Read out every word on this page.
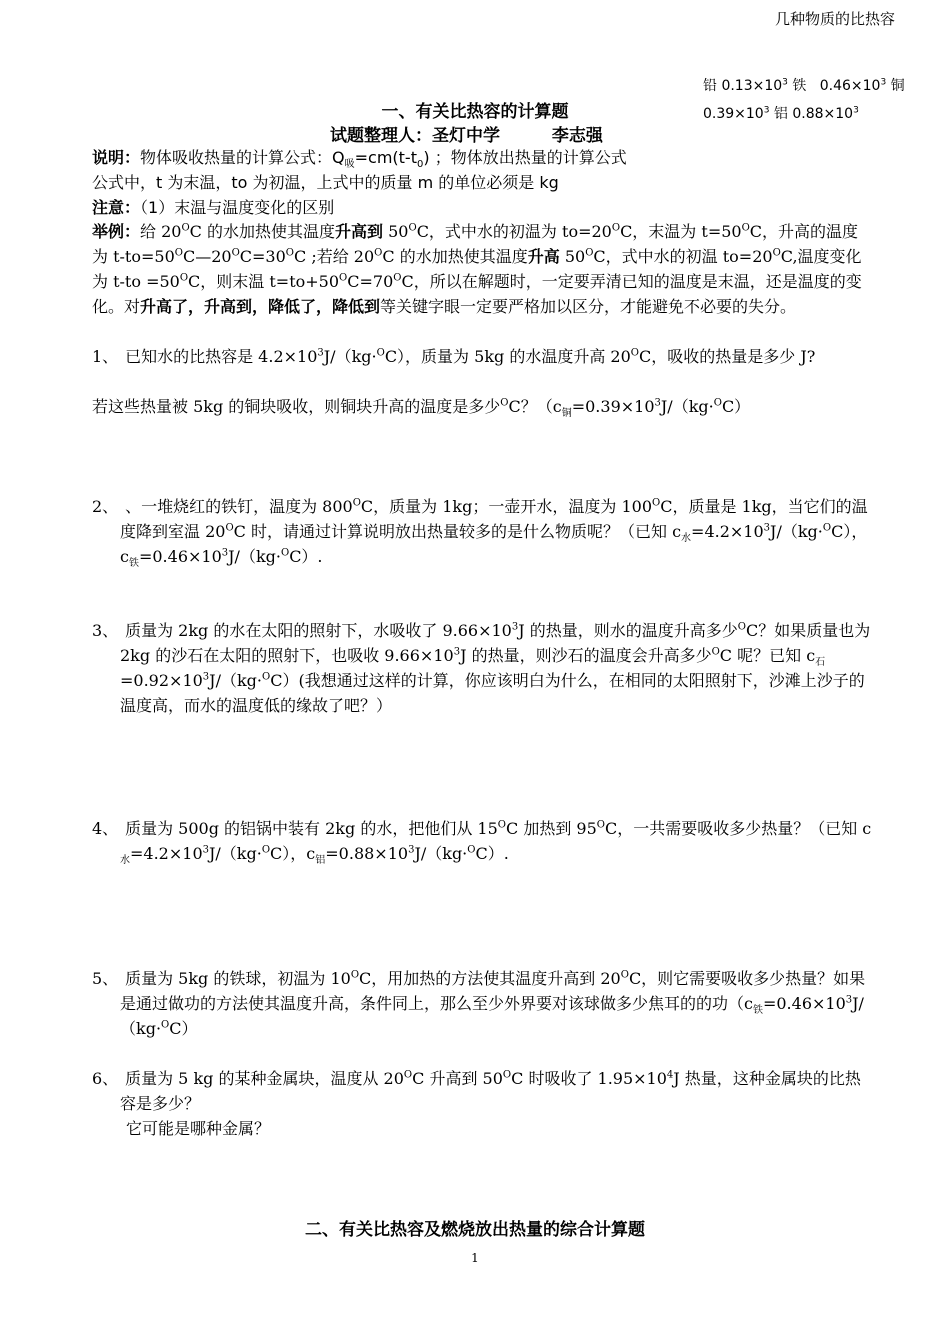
几种物质的比热容
铅 $0.13\times 10^3$ 铁 $0.46\times 10^3$ 铜
$0.39\times 10^3$ 铝 $0.88\times 10^3$
一、有关比热容的计算题
试题整理人：圣灯中学	李志强
说明：物体吸收热量的计算公式：$Q_吸=cm(t-t_0)$ ；物体放出热量的计算公式
公式中，t 为末温，to 为初温，上式中的质量 m 的单位必须是 kg
注意：（1）末温与温度变化的区别
举例：给 $20^OC$ 的水加热使其温度升高到 $50^OC$，式中水的初温为 $to=20^OC$，末温为 $t=50^OC$，升高的温度为 $t-to=50^OC—20^OC=30^OC$ ;若给 $20^OC$ 的水加热使其温度升高 $50^OC$，式中水的初温 $to=20^OC$,温度变化为 $t-to =50^OC$，则末温 $t=to+50^OC=70^OC$，所以在解题时，一定要弄清已知的温度是末温，还是温度的变化。对升高了，升高到，降低了，降低到等关键字眼一定要严格加以区分，才能避免不必要的失分。
1、 已知水的比热容是 $4.2\times 10^3J/(kg\cdot^OC)$，质量为 5kg 的水温度升高 $20^OC$，吸收的热量是多少 J?
若这些热量被 5kg 的铜块吸收，则铜块升高的温度是多少$^O$C？（$c_铜=0.39\times 10^3J/(kg\cdot^OC)$
2、 、一堆烧红的铁钉，温度为 $800^OC$，质量为 1kg；一壶开水，温度为 $100^OC$，质量是 1kg，当它们的温度降到室温 $20^OC$ 时，请通过计算说明放出热量较多的是什么物质呢？（已知 $c_水=4.2\times 10^3J/(kg\cdot^OC)$，$c_铁=0.46\times 10^3J/(kg\cdot^OC)$.
3、 质量为 2kg 的水在太阳的照射下，水吸收了 $9.66\times 10^3J$ 的热量，则水的温度升高多少$^O$C？如果质量也为 2kg 的沙石在太阳的照射下，也吸收 $9.66\times 10^3J$ 的热量，则沙石的温度会升高多少$^O$C 呢？已知 $c_石=0.92\times 10^3J/(kg\cdot^OC)$(我想通过这样的计算，你应该明白为什么，在相同的太阳照射下，沙滩上沙子的温度高，而水的温度低的缘故了吧？）
4、 质量为 500g 的铝锅中装有 2kg 的水，把他们从 $15^OC$ 加热到 $95^OC$，一共需要吸收多少热量？（已知 $c_水=4.2\times 10^3J/(kg\cdot^OC)$，$c_铝=0.88\times 10^3J/(kg\cdot^OC)$.
5、 质量为 5kg 的铁球，初温为 $10^OC$，用加热的方法使其温度升高到 $20^OC$，则它需要吸收多少热量？如果是通过做功的方法使其温度升高，条件同上，那么至少外界要对该球做多少焦耳的的功（$c_铁=0.46\times 10^3J/(kg\cdot^OC)$
6、 质量为 5 kg 的某种金属块，温度从 $20^OC$ 升高到 $50^OC$ 时吸收了 $1.95\times 10^4J$ 热量，这种金属块的比热容是多少？
它可能是哪种金属？
二、有关比热容及燃烧放出热量的综合计算题
1
